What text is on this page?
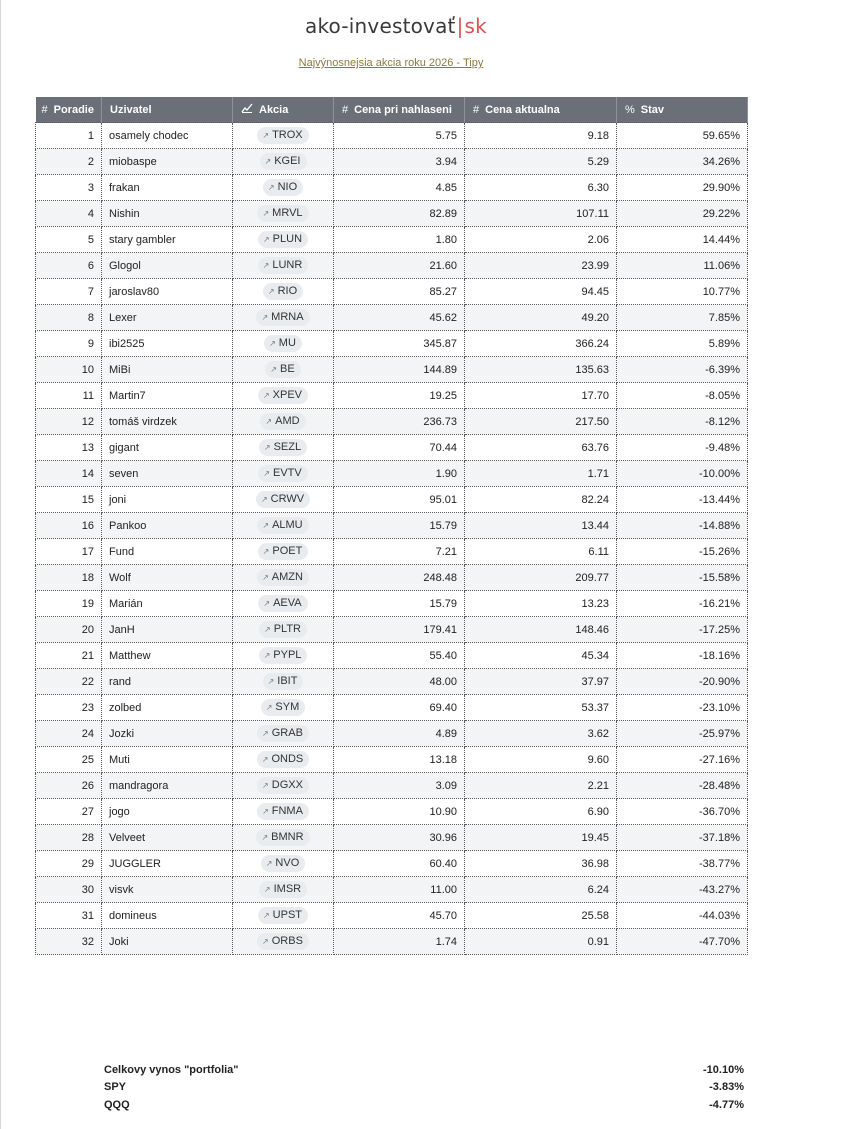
ako-investovať|sk
Najvýnosnejsia akcia roku 2026 - Tipy
# Poradie	Uzivatel	Akcia	# Cena pri nahlaseni	# Cena aktualna	% Stav
1	osamely chodec	↗ TROX	5.75	9.18	59.65%
2	miobaspe	↗ KGEI	3.94	5.29	34.26%
3	frakan	↗ NIO	4.85	6.30	29.90%
4	Nishin	↗ MRVL	82.89	107.11	29.22%
5	stary gambler	↗ PLUN	1.80	2.06	14.44%
6	Glogol	↗ LUNR	21.60	23.99	11.06%
7	jaroslav80	↗ RIO	85.27	94.45	10.77%
8	Lexer	↗ MRNA	45.62	49.20	7.85%
9	ibi2525	↗ MU	345.87	366.24	5.89%
10	MiBi	↗ BE	144.89	135.63	-6.39%
11	Martin7	↗ XPEV	19.25	17.70	-8.05%
12	tomáš virdzek	↗ AMD	236.73	217.50	-8.12%
13	gigant	↗ SEZL	70.44	63.76	-9.48%
14	seven	↗ EVTV	1.90	1.71	-10.00%
15	joni	↗ CRWV	95.01	82.24	-13.44%
16	Pankoo	↗ ALMU	15.79	13.44	-14.88%
17	Fund	↗ POET	7.21	6.11	-15.26%
18	Wolf	↗ AMZN	248.48	209.77	-15.58%
19	Marián	↗ AEVA	15.79	13.23	-16.21%
20	JanH	↗ PLTR	179.41	148.46	-17.25%
21	Matthew	↗ PYPL	55.40	45.34	-18.16%
22	rand	↗ IBIT	48.00	37.97	-20.90%
23	zolbed	↗ SYM	69.40	53.37	-23.10%
24	Jozki	↗ GRAB	4.89	3.62	-25.97%
25	Muti	↗ ONDS	13.18	9.60	-27.16%
26	mandragora	↗ DGXX	3.09	2.21	-28.48%
27	jogo	↗ FNMA	10.90	6.90	-36.70%
28	Velveet	↗ BMNR	30.96	19.45	-37.18%
29	JUGGLER	↗ NVO	60.40	36.98	-38.77%
30	visvk	↗ IMSR	11.00	6.24	-43.27%
31	domineus	↗ UPST	45.70	25.58	-44.03%
32	Joki	↗ ORBS	1.74	0.91	-47.70%
Celkovy vynos "portfolia"	-10.10%
SPY	-3.83%
QQQ	-4.77%
